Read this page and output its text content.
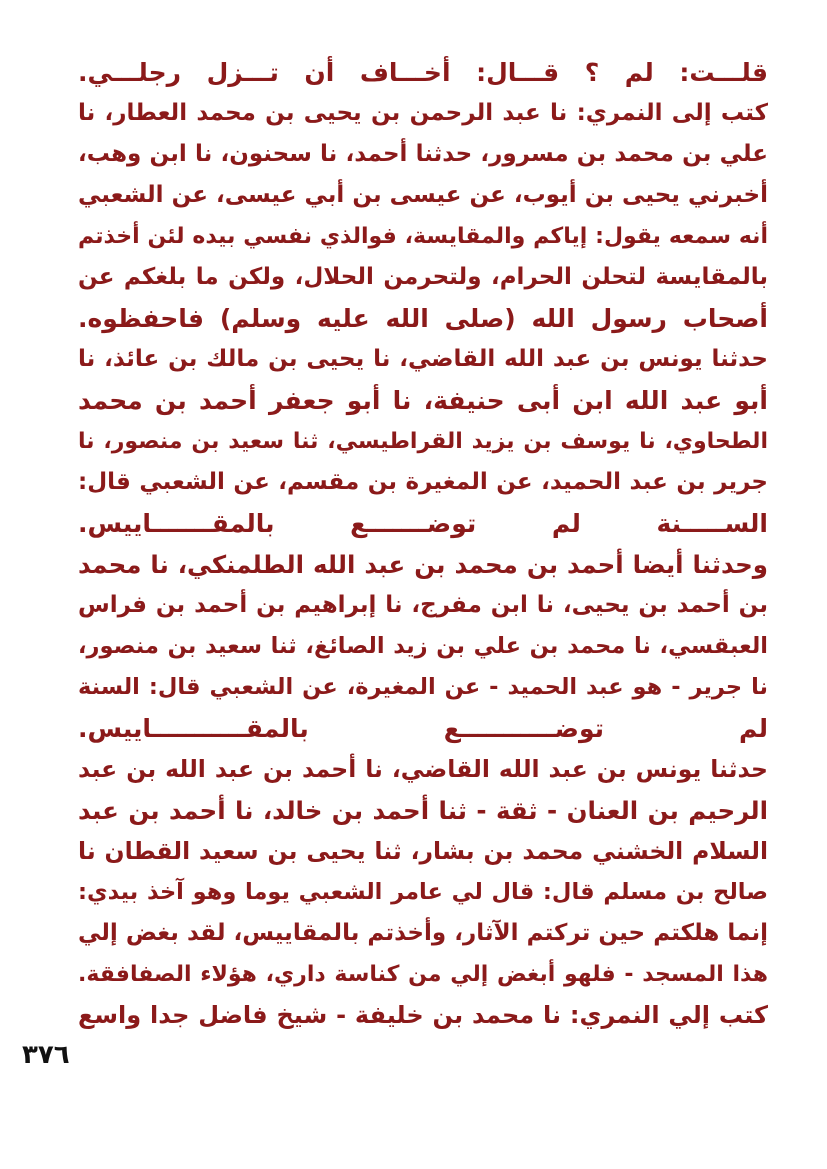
قلـــت: لم ؟ قـــال: أخـــاف أن تـــزل رجلـــي.
كتب إلى النمري: نا عبد الرحمن بن يحيى بن محمد العطار، نا
علي بن محمد بن مسرور، حدثنا أحمد، نا سحنون، نا ابن وهب،
أخبرني يحيى بن أيوب، عن عيسى بن أبي عيسى، عن الشعبي
أنه سمعه يقول: إياكم والمقايسة، فوالذي نفسي بيده لئن أخذتم
بالمقايسة لتحلن الحرام، ولتحرمن الحلال، ولكن ما بلغكم عن
أصحاب رسول الله (صلى الله عليه وسلم) فاحفظوه.
حدثنا يونس بن عبد الله القاضي، نا يحيى بن مالك بن عائذ، نا
أبو عبد الله ابن أبى حنيفة، نا أبو جعفر أحمد بن محمد
الطحاوي، نا يوسف بن يزيد القراطيسي، ثنا سعيد بن منصور، نا
جرير بن عبد الحميد، عن المغيرة بن مقسم، عن الشعبي قال:
الســـــنة لم توضـــــــع بالمقـــــــاييس.
وحدثنا أيضا أحمد بن محمد بن عبد الله الطلمنكي، نا محمد
بن أحمد بن يحيى، نا ابن مفرج، نا إبراهيم بن أحمد بن فراس
العبقسي، نا محمد بن علي بن زيد الصائغ، ثنا سعيد بن منصور،
نا جرير - هو عبد الحميد - عن المغيرة، عن الشعبي قال: السنة
لم توضـــــــــــع بالمقـــــــــــاييس.
حدثنا يونس بن عبد الله القاضي، نا أحمد بن عبد الله بن عبد
الرحيم بن العنان - ثقة - ثنا أحمد بن خالد، نا أحمد بن عبد
السلام الخشني محمد بن بشار، ثنا يحيى بن سعيد القطان نا
صالح بن مسلم قال: قال لي عامر الشعبي يوما وهو آخذ بيدي:
إنما هلكتم حين تركتم الآثار، وأخذتم بالمقاييس، لقد بغض إلي
هذا المسجد - فلهو أبغض إلي من كناسة داري، هؤلاء الصفافقة.
كتب إلي النمري: نا محمد بن خليفة - شيخ فاضل جدا واسع
٣٧٦
